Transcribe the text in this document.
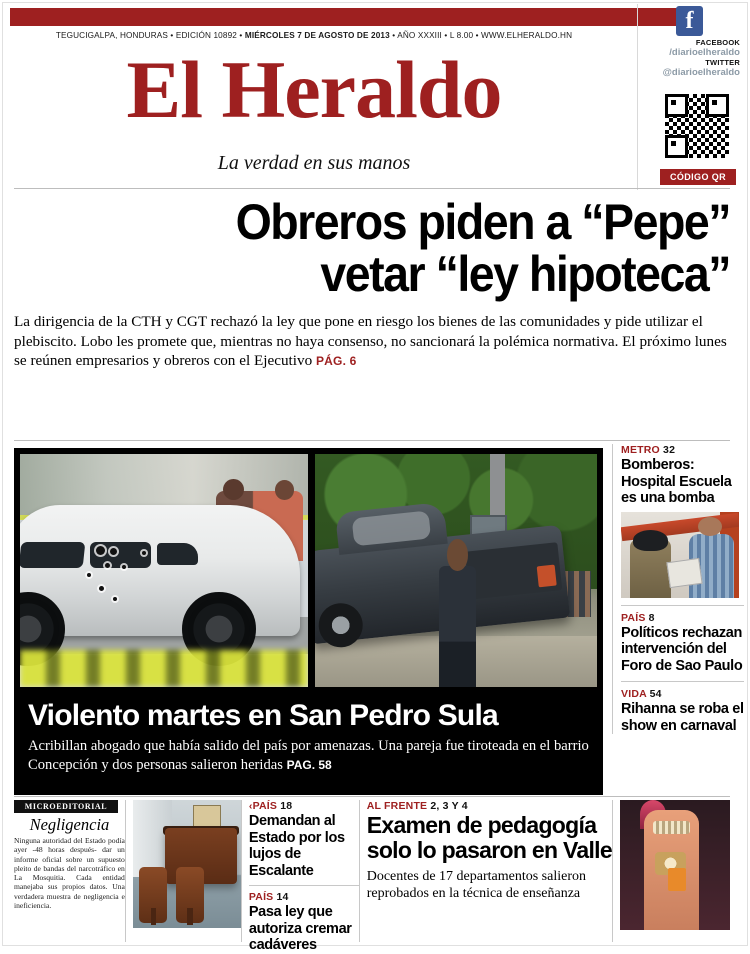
TEGUCIGALPA, HONDURAS • EDICIÓN 10892 • MIÉRCOLES 7 DE AGOSTO DE 2013 • AÑO XXXIII • L 8.00 • WWW.ELHERALDO.HN
El Heraldo
La verdad en sus manos
t
f
FACEBOOK
/diarioelheraldo
TWITTER
@diarioelheraldo
CÓDIGO QR
Obreros piden a “Pepe”
vetar “ley hipoteca”
La dirigencia de la CTH y CGT rechazó la ley que pone en riesgo los bienes de las comunidades y pide utilizar el plebiscito. Lobo les promete que, mientras no haya consenso, no sancionará la polémica normativa. El próximo lunes se reúnen empresarios y obreros con el Ejecutivo PÁG. 6
Violento martes en San Pedro Sula
Acribillan abogado que había salido del país por amenazas. Una pareja fue tiroteada en el barrio Concepción y dos personas salieron heridas PAG. 58
METRO 32
Bomberos: Hospital Escuela es una bomba
PAÍS 8
Políticos rechazan intervención del Foro de Sao Paulo
VIDA 54
Rihanna se roba el show en carnaval
MICROEDITORIAL
Negligencia
Ninguna autoridad del Estado podía ayer -48 horas después- dar un informe oficial sobre un supuesto pleito de bandas del narcotráfico en La Mosquitia. Cada entidad manejaba sus propios datos. Una verdadera muestra de negligencia e ineficiencia.
‹PAÍS 18
Demandan al Estado por los lujos de Escalante
PAÍS 14
Pasa ley que autoriza cremar cadáveres
AL FRENTE 2, 3 Y 4
Examen de pedagogía solo lo pasaron en Valle
Docentes de 17 departamentos salieron reprobados en la técnica de enseñanza
